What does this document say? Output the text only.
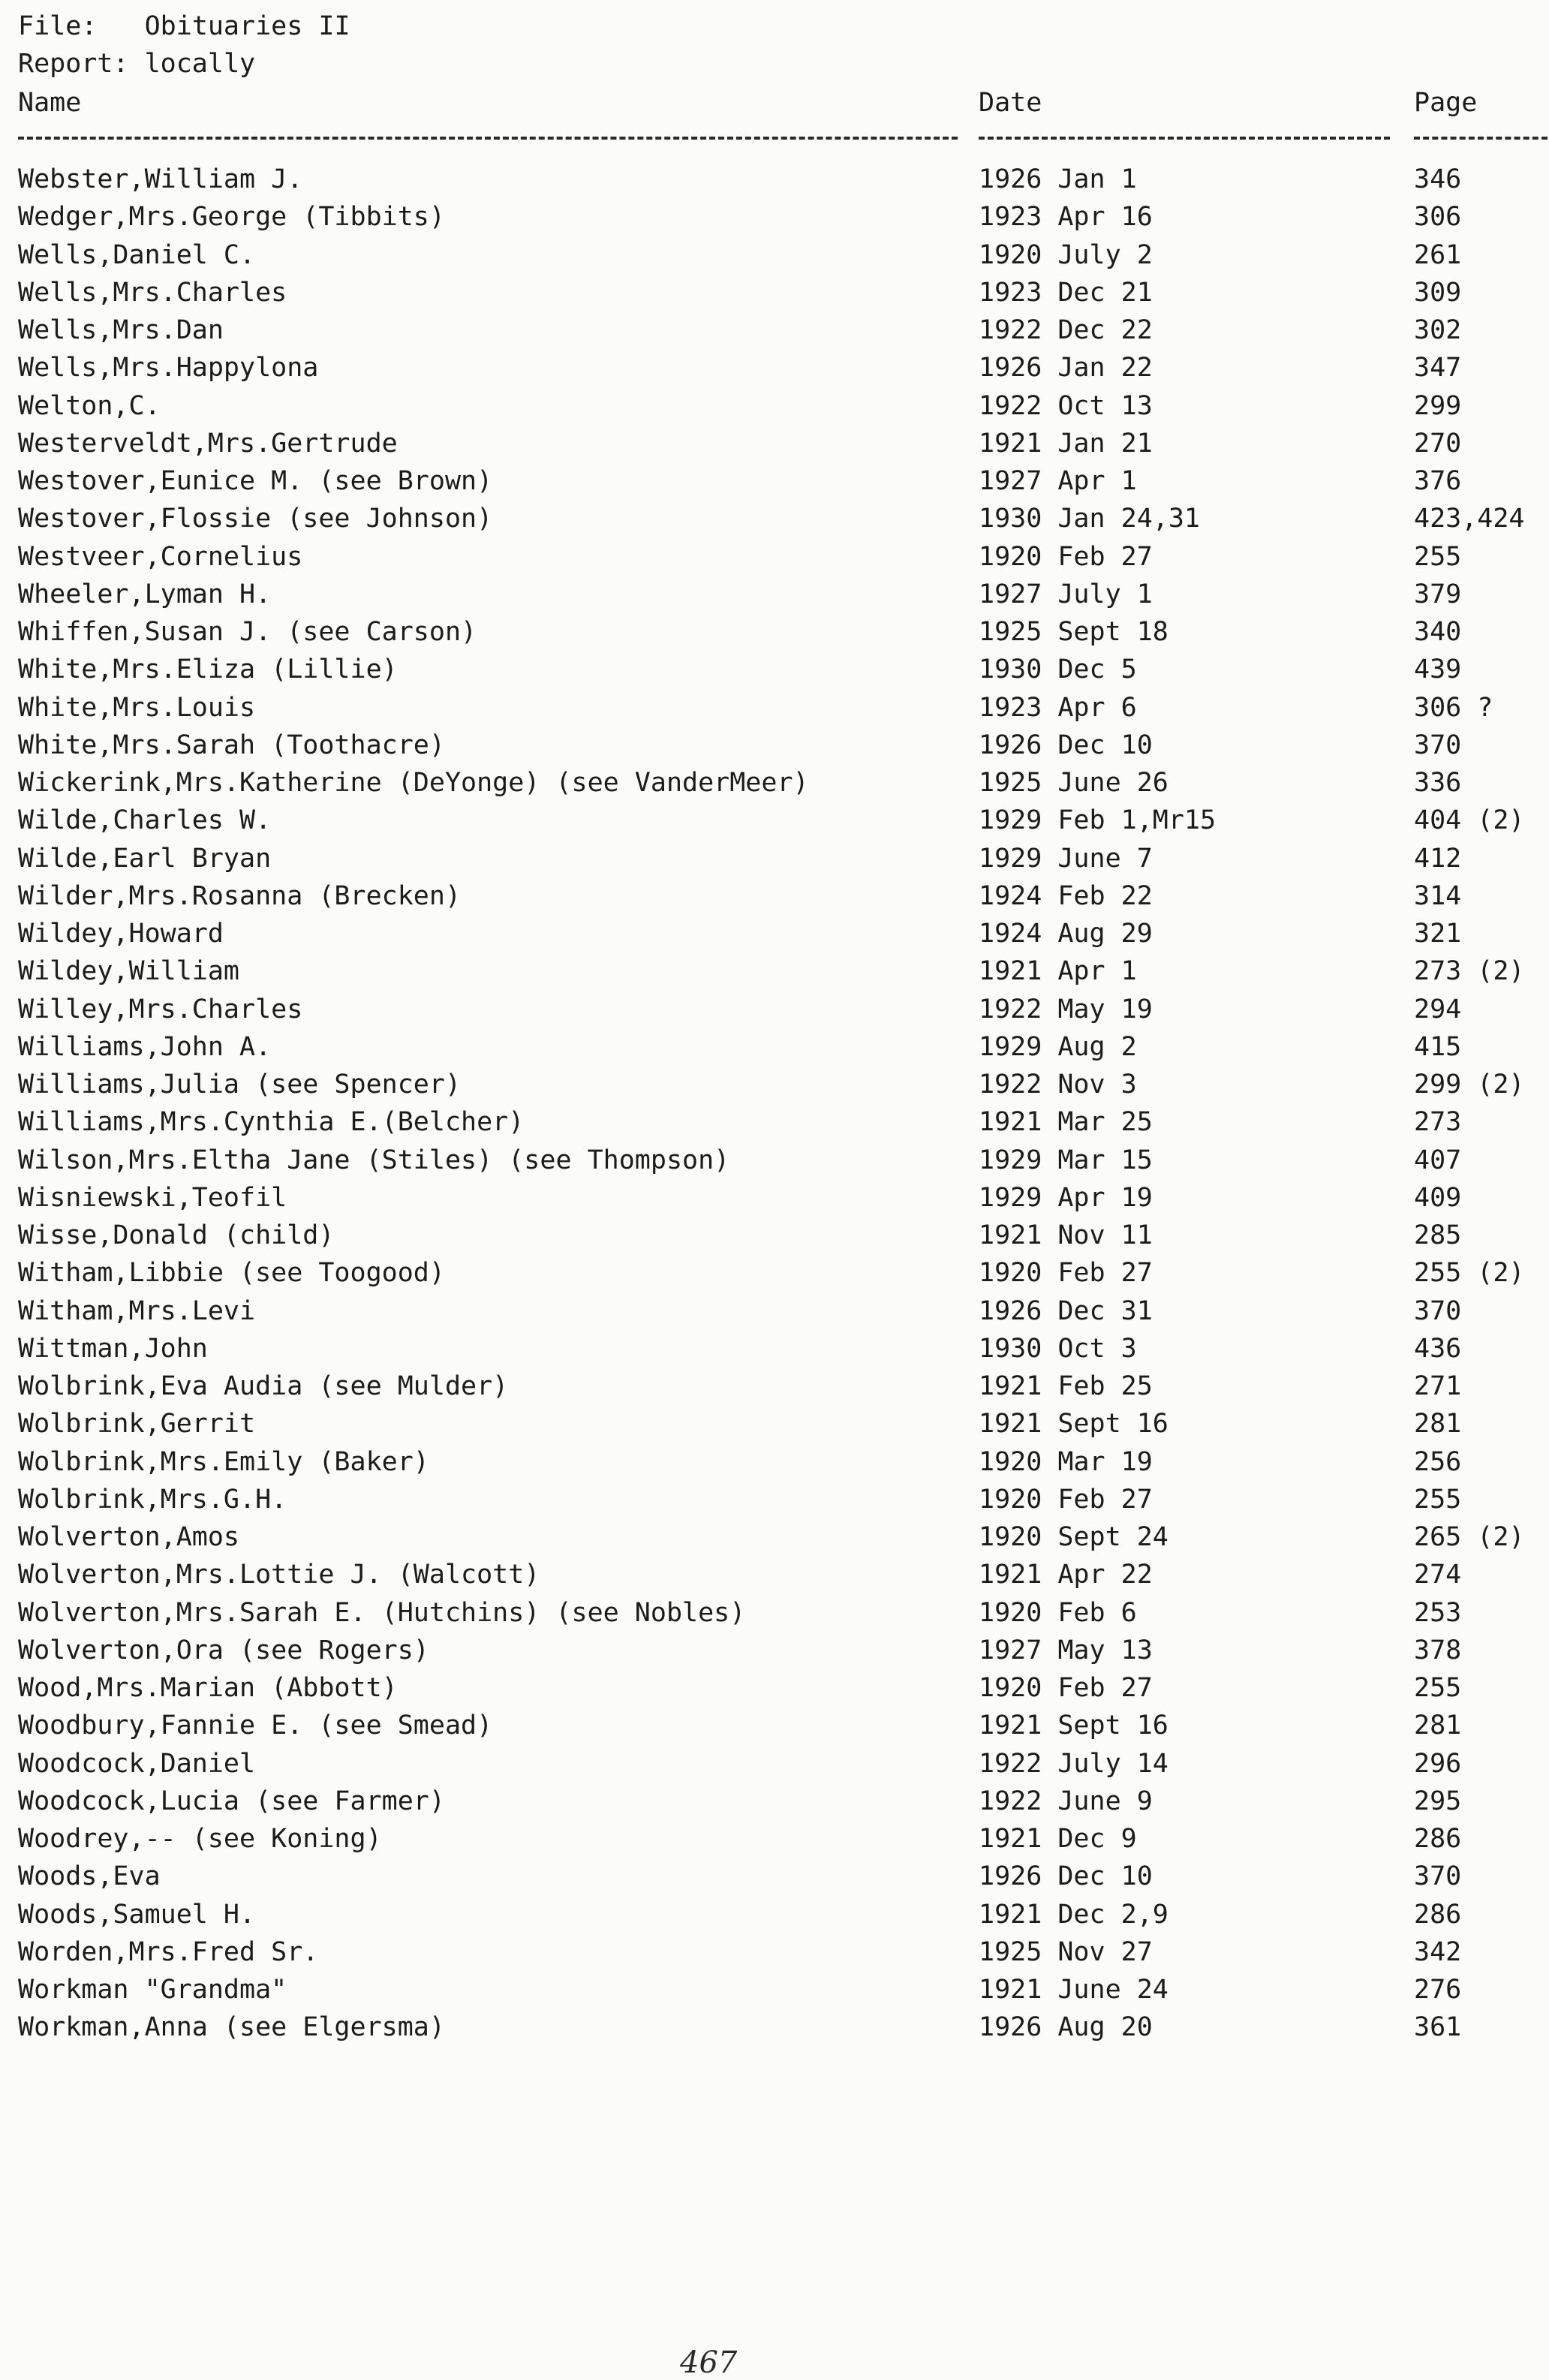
File: Obituaries II
Report: locally
Name	Date	Page
Webster,William J.	1926 Jan 1	346
Wedger,Mrs.George (Tibbits)	1923 Apr 16	306
Wells,Daniel C.	1920 July 2	261
Wells,Mrs.Charles	1923 Dec 21	309
Wells,Mrs.Dan	1922 Dec 22	302
Wells,Mrs.Happylona	1926 Jan 22	347
Welton,C.	1922 Oct 13	299
Westerveldt,Mrs.Gertrude	1921 Jan 21	270
Westover,Eunice M. (see Brown)	1927 Apr 1	376
Westover,Flossie (see Johnson)	1930 Jan 24,31	423,424
Westveer,Cornelius	1920 Feb 27	255
Wheeler,Lyman H.	1927 July 1	379
Whiffen,Susan J. (see Carson)	1925 Sept 18	340
White,Mrs.Eliza (Lillie)	1930 Dec 5	439
White,Mrs.Louis	1923 Apr 6	306 ?
White,Mrs.Sarah (Toothacre)	1926 Dec 10	370
Wickerink,Mrs.Katherine (DeYonge) (see VanderMeer)	1925 June 26	336
Wilde,Charles W.	1929 Feb 1,Mr15	404 (2)
Wilde,Earl Bryan	1929 June 7	412
Wilder,Mrs.Rosanna (Brecken)	1924 Feb 22	314
Wildey,Howard	1924 Aug 29	321
Wildey,William	1921 Apr 1	273 (2)
Willey,Mrs.Charles	1922 May 19	294
Williams,John A.	1929 Aug 2	415
Williams,Julia (see Spencer)	1922 Nov 3	299 (2)
Williams,Mrs.Cynthia E.(Belcher)	1921 Mar 25	273
Wilson,Mrs.Eltha Jane (Stiles) (see Thompson)	1929 Mar 15	407
Wisniewski,Teofil	1929 Apr 19	409
Wisse,Donald (child)	1921 Nov 11	285
Witham,Libbie (see Toogood)	1920 Feb 27	255 (2)
Witham,Mrs.Levi	1926 Dec 31	370
Wittman,John	1930 Oct 3	436
Wolbrink,Eva Audia (see Mulder)	1921 Feb 25	271
Wolbrink,Gerrit	1921 Sept 16	281
Wolbrink,Mrs.Emily (Baker)	1920 Mar 19	256
Wolbrink,Mrs.G.H.	1920 Feb 27	255
Wolverton,Amos	1920 Sept 24	265 (2)
Wolverton,Mrs.Lottie J. (Walcott)	1921 Apr 22	274
Wolverton,Mrs.Sarah E. (Hutchins) (see Nobles)	1920 Feb 6	253
Wolverton,Ora (see Rogers)	1927 May 13	378
Wood,Mrs.Marian (Abbott)	1920 Feb 27	255
Woodbury,Fannie E. (see Smead)	1921 Sept 16	281
Woodcock,Daniel	1922 July 14	296
Woodcock,Lucia (see Farmer)	1922 June 9	295
Woodrey,-- (see Koning)	1921 Dec 9	286
Woods,Eva	1926 Dec 10	370
Woods,Samuel H.	1921 Dec 2,9	286
Worden,Mrs.Fred Sr.	1925 Nov 27	342
Workman "Grandma"	1921 June 24	276
Workman,Anna (see Elgersma)	1926 Aug 20	361
467
